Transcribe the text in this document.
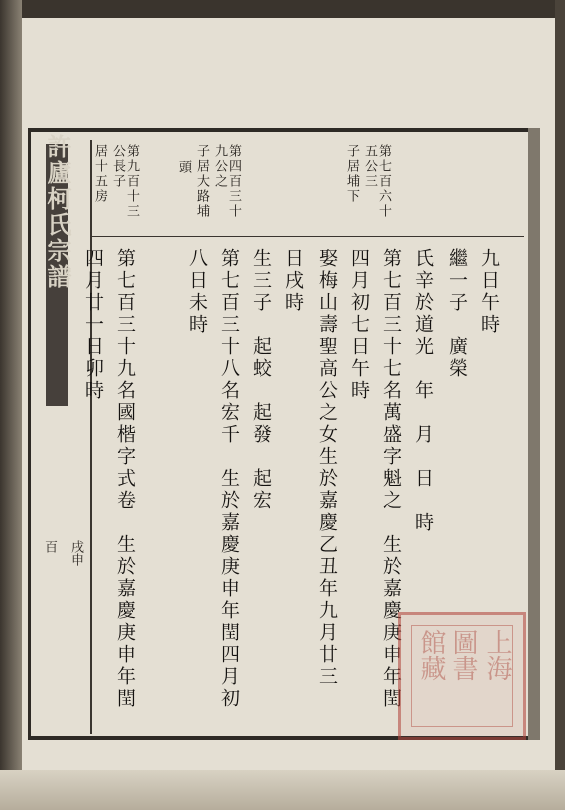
許廬柯氏宗譜
百 戌申

第七百六十五公三
子居埔下
第四百三十九公之
子居大路埔
頭
第九百十三公長子
居十五房
九日午時
繼一子　廣榮
氏辛於道光　年　月　日　時
第七百三十七名萬盛字魁之　生於嘉慶庚申年閏
四月初七日午時
娶梅山壽聖高公之女生於嘉慶乙丑年九月廿三
日戌時
生三子　起蛟　起發　起宏
第七百三十八名宏千　生於嘉慶庚申年閏四月初
八日未時
第七百三十九名國楷字式卷　生於嘉慶庚申年閏
四月廿一日卯時
上海
圖書
館藏
